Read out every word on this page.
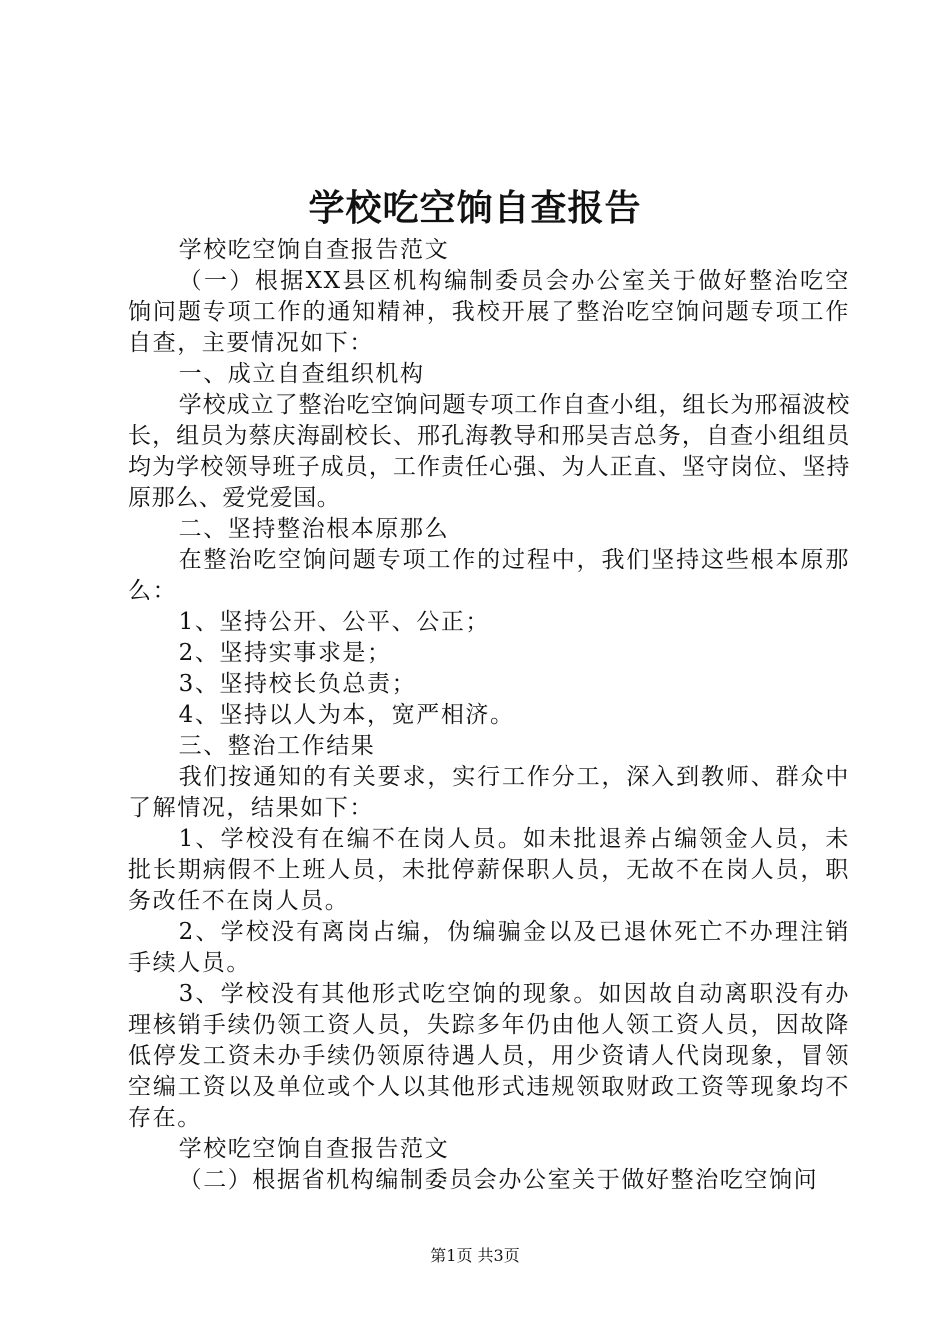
学校吃空饷自查报告

学校吃空饷自查报告范文

（一）根据XX县区机构编制委员会办公室关于做好整治吃空饷问题专项工作的通知精神，我校开展了整治吃空饷问题专项工作自查，主要情况如下：

一、成立自查组织机构

学校成立了整治吃空饷问题专项工作自查小组，组长为邢福波校长，组员为蔡庆海副校长、邢孔海教导和邢吴吉总务，自查小组组员均为学校领导班子成员，工作责任心强、为人正直、坚守岗位、坚持原那么、爱党爱国。

二、坚持整治根本原那么

在整治吃空饷问题专项工作的过程中，我们坚持这些根本原那么：

1、坚持公开、公平、公正；

2、坚持实事求是；

3、坚持校长负总责；

4、坚持以人为本，宽严相济。

三、整治工作结果

我们按通知的有关要求，实行工作分工，深入到教师、群众中了解情况，结果如下：

1、学校没有在编不在岗人员。如未批退养占编领金人员，未批长期病假不上班人员，未批停薪保职人员，无故不在岗人员，职务改任不在岗人员。

2、学校没有离岗占编，伪编骗金以及已退休死亡不办理注销手续人员。

3、学校没有其他形式吃空饷的现象。如因故自动离职没有办理核销手续仍领工资人员，失踪多年仍由他人领工资人员，因故降低停发工资未办手续仍领原待遇人员，用少资请人代岗现象，冒领空编工资以及单位或个人以其他形式违规领取财政工资等现象均不存在。

学校吃空饷自查报告范文

（二）根据省机构编制委员会办公室关于做好整治吃空饷问

第1页 共3页
